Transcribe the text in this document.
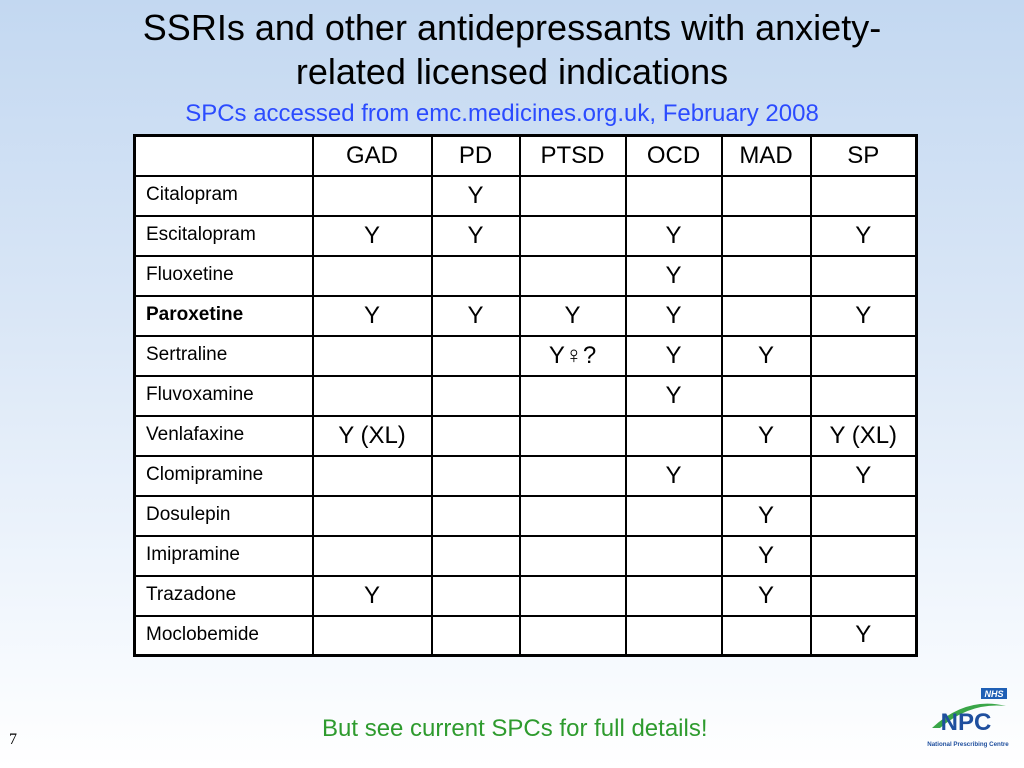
SSRIs and other antidepressants with anxiety-
related licensed indications
SPCs accessed from emc.medicines.org.uk, February 2008
	GAD	PD	PTSD	OCD	MAD	SP
Citalopram		Y				
Escitalopram	Y	Y		Y		Y
Fluoxetine				Y		
Paroxetine	Y	Y	Y	Y		Y
Sertraline			Y♀?	Y	Y	
Fluvoxamine				Y		
Venlafaxine	Y (XL)				Y	Y (XL)
Clomipramine				Y		Y
Dosulepin					Y	
Imipramine					Y	
Trazadone	Y				Y	
Moclobemide						Y
But see current SPCs for full details!
7
NHS
NPC
National Prescribing Centre
